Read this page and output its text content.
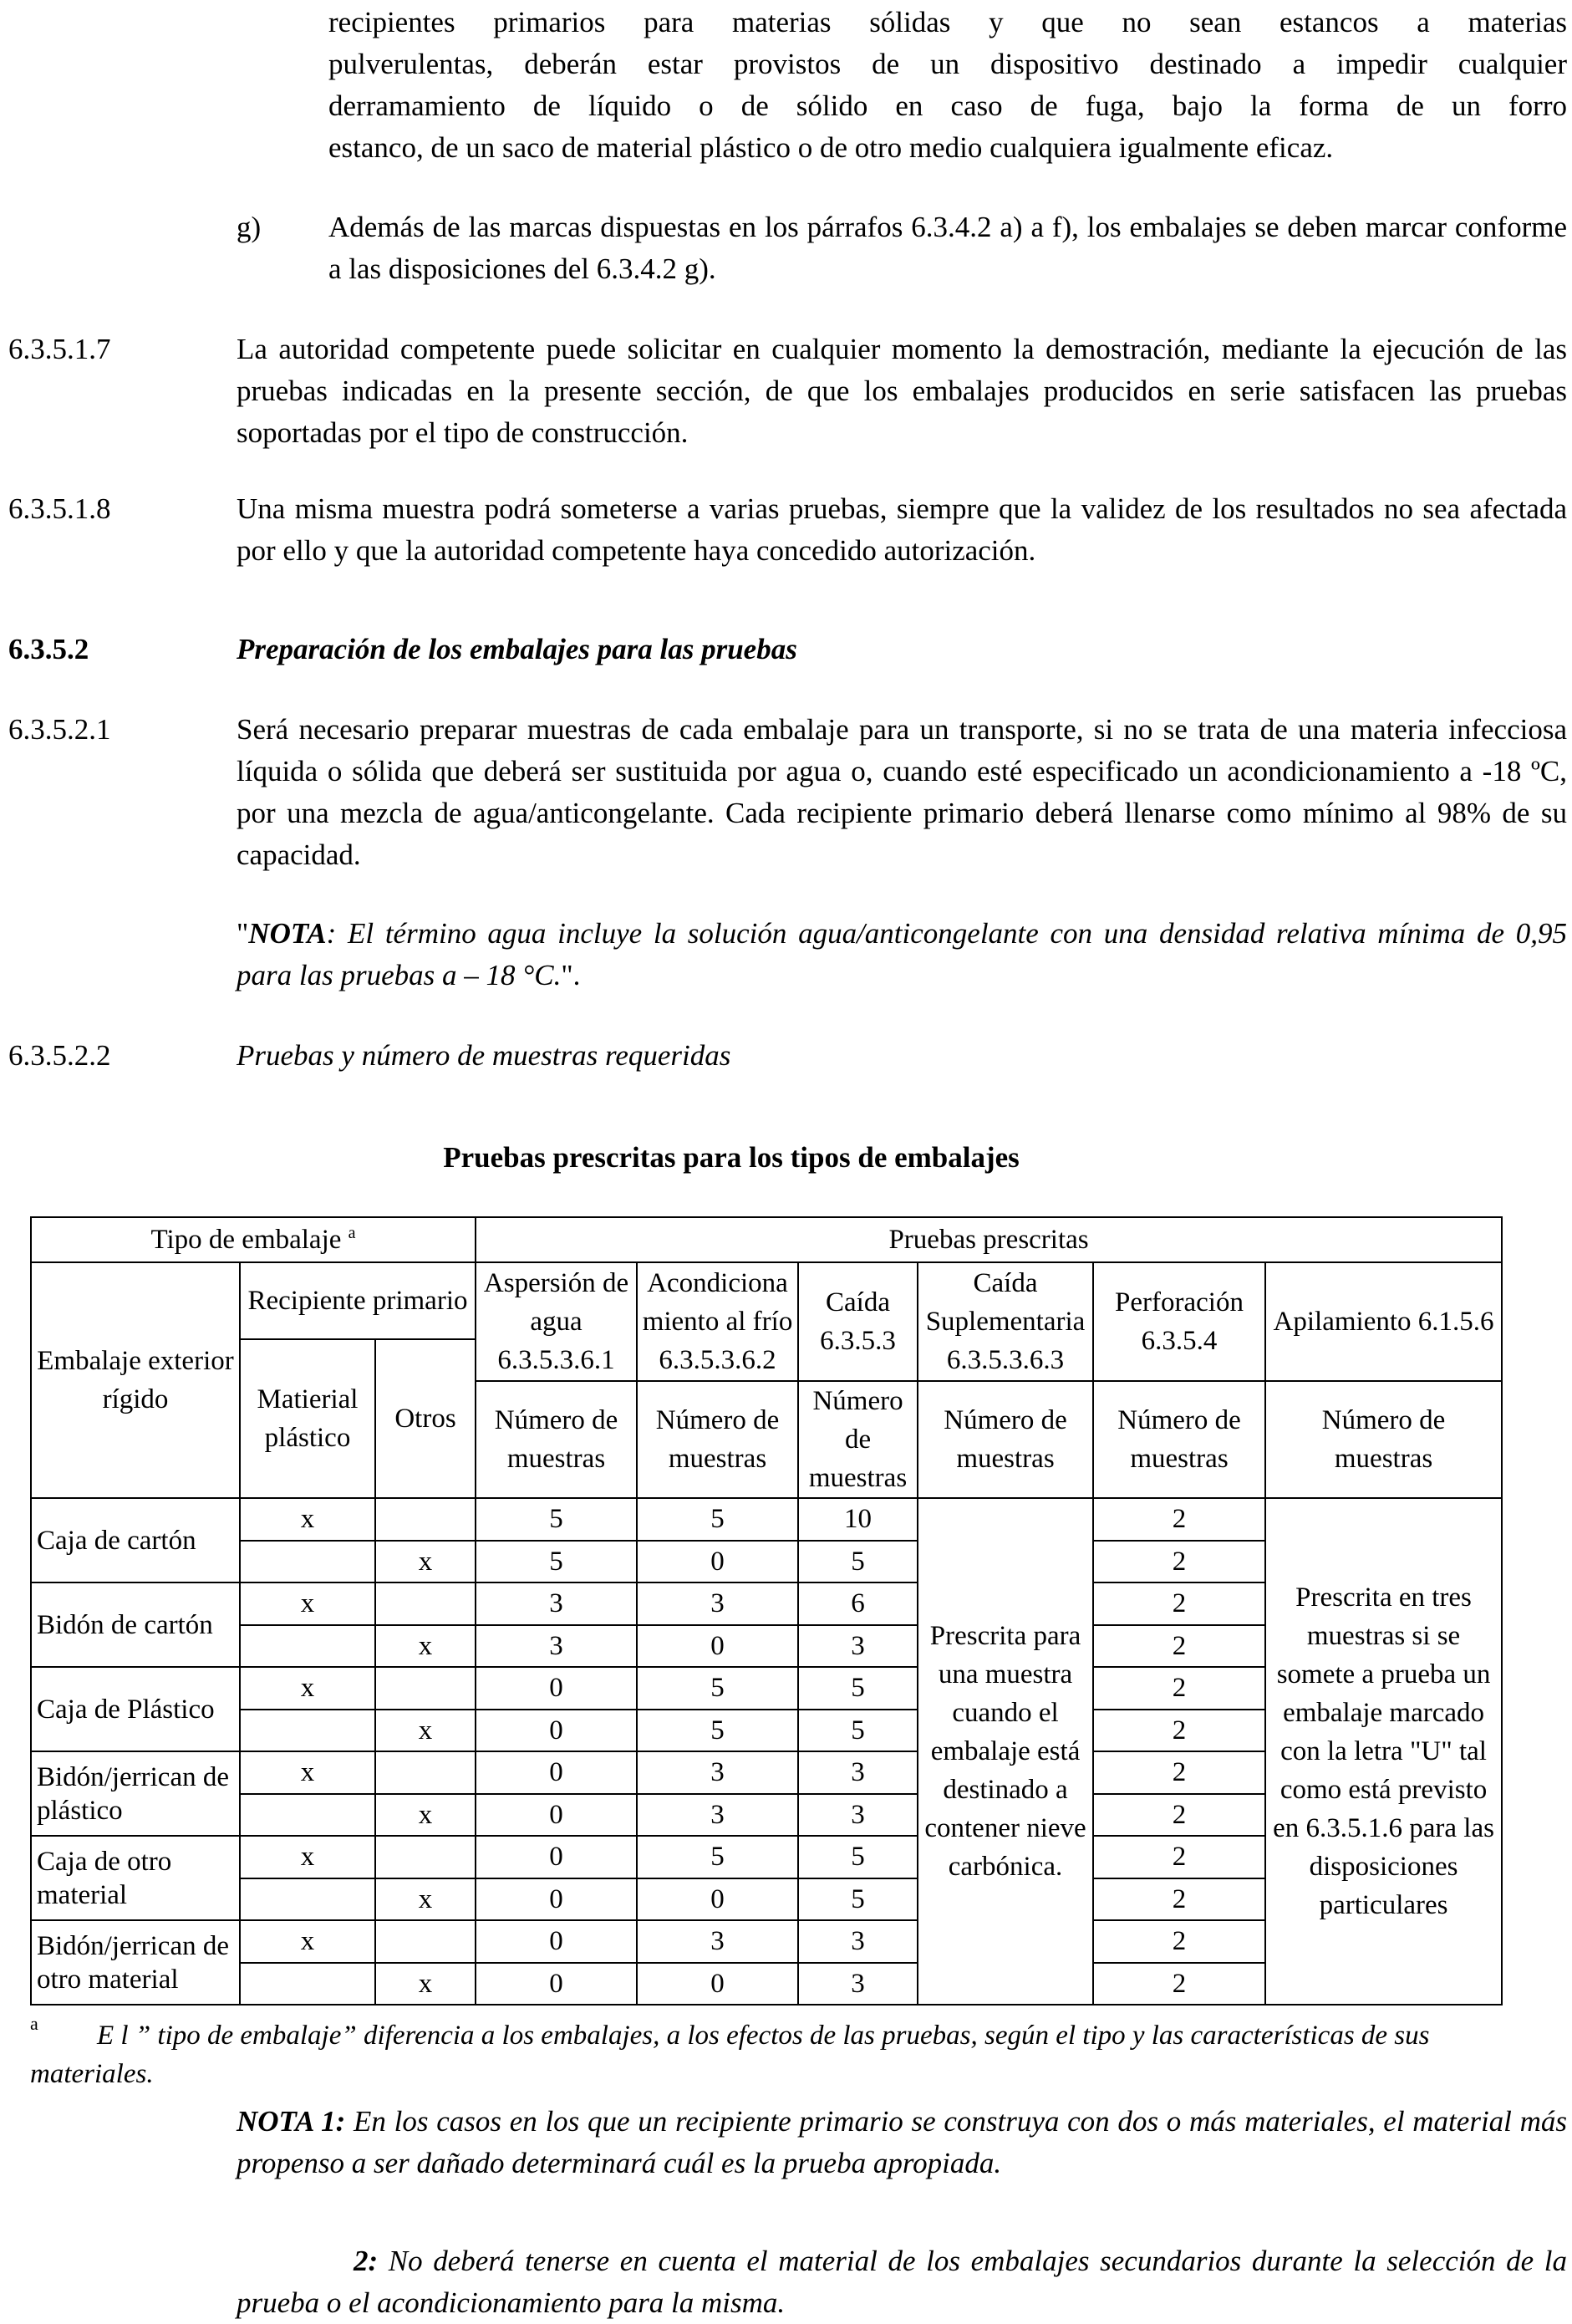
recipientes primarios para materias sólidas y que no sean estancos a materias
pulverulentas, deberán estar provistos de un dispositivo destinado a impedir cualquier
derramamiento de líquido o de sólido en caso de fuga, bajo la forma de un forro
estanco, de un saco de material plástico o de otro medio cualquiera igualmente eficaz.
g) Además de las marcas dispuestas en los párrafos 6.3.4.2 a) a f), los embalajes se deben marcar conforme a las disposiciones del 6.3.4.2 g).
6.3.5.1.7	La autoridad competente puede solicitar en cualquier momento la demostración, mediante la ejecución de las pruebas indicadas en la presente sección, de que los embalajes producidos en serie satisfacen las pruebas soportadas por el tipo de construcción.
6.3.5.1.8	Una misma muestra podrá someterse a varias pruebas, siempre que la validez de los resultados no sea afectada por ello y que la autoridad competente haya concedido autorización.
6.3.5.2	Preparación de los embalajes para las pruebas
6.3.5.2.1	Será necesario preparar muestras de cada embalaje para un transporte, si no se trata de una materia infecciosa líquida o sólida que deberá ser sustituida por agua o, cuando esté especificado un acondicionamiento a -18 ºC, por una mezcla de agua/anticongelante. Cada recipiente primario deberá llenarse como mínimo al 98% de su capacidad.
"NOTA: El término agua incluye la solución agua/anticongelante con una densidad relativa mínima de 0,95 para las pruebas a – 18 °C.".
6.3.5.2.2	Pruebas y número de muestras requeridas
Pruebas prescritas para los tipos de embalajes
Tipo de embalaje $^a$			Pruebas prescritas					
Embalaje exterior rígido	Recipiente primario		Aspersión de agua 6.3.5.3.6.1	Acondiciona miento al frío 6.3.5.3.6.2	Caída 6.3.5.3	Caída Suplementaria 6.3.5.3.6.3	Perforación 6.3.5.4	Apilamiento 6.1.5.6
	Matierial plástico	Otros						
			Número de muestras	Número de muestras	Número de muestras	Número de muestras	Número de muestras	Número de muestras
Caja de cartón	x		5	5	10	Prescrita para una muestra cuando el embalaje está destinado a contener nieve carbónica.	2	Prescrita en tres muestras si se somete a prueba un embalaje marcado con la letra "U" tal como está previsto en 6.3.5.1.6 para las disposiciones particulares
		x	5	0	5		2	
Bidón de cartón	x		3	3	6		2	
		x	3	0	3		2	
Caja de Plástico	x		0	5	5		2	
		x	0	5	5		2	
Bidón/jerrican de plástico	x		0	3	3		2	
		x	0	3	3		2	
Caja de otro material	x		0	5	5		2	
		x	0	0	5		2	
Bidón/jerrican de otro material	x		0	3	3		2	
		x	0	0	3		2	
a	E l ” tipo de embalaje” diferencia a los embalajes, a los efectos de las pruebas, según el tipo y las características de sus materiales.
NOTA 1: En los casos en los que un recipiente primario se construya con dos o más materiales, el material más propenso a ser dañado determinará cuál es la prueba apropiada.
2: No deberá tenerse en cuenta el material de los embalajes secundarios durante la selección de la prueba o el acondicionamiento para la misma.
